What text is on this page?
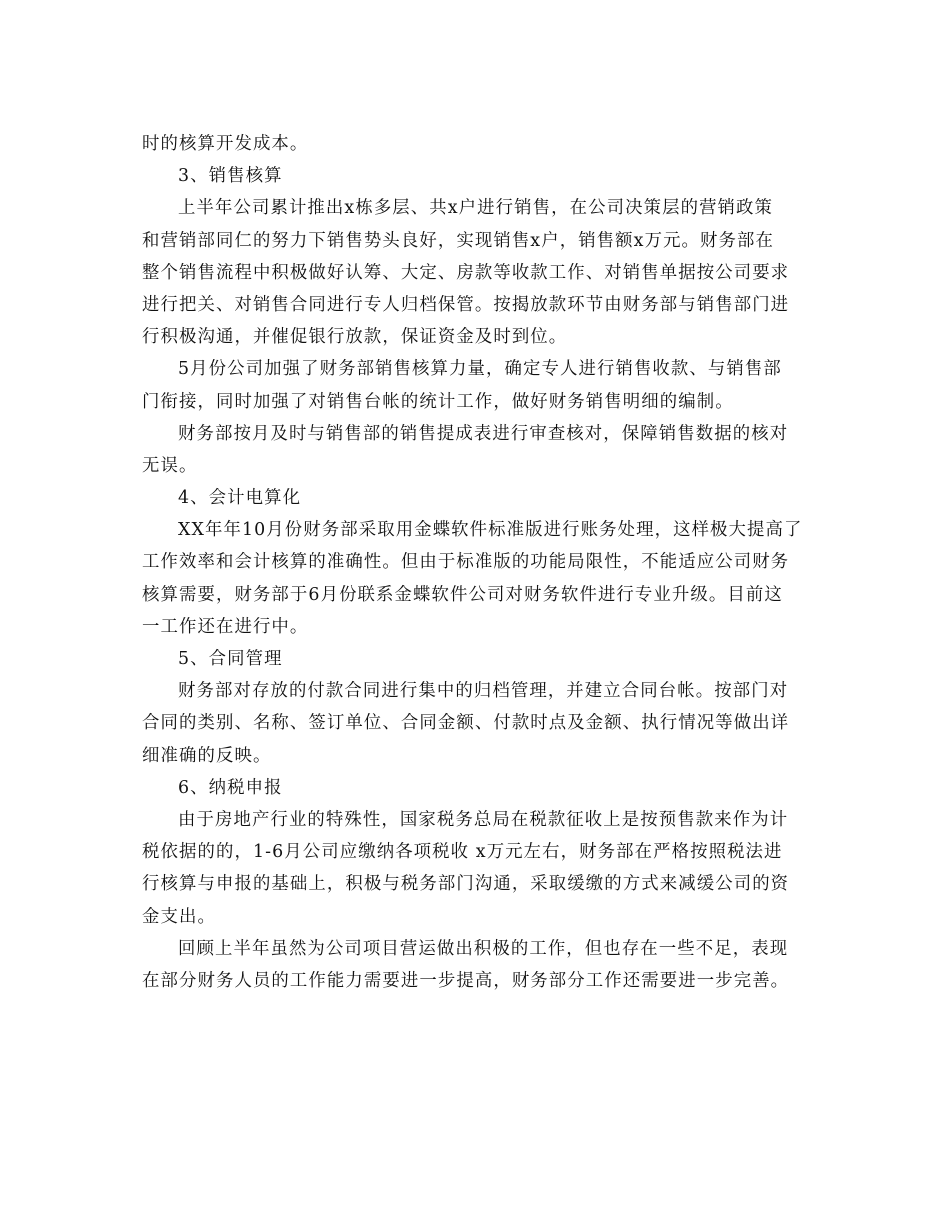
时的核算开发成本。
3、销售核算
上半年公司累计推出x栋多层、共x户进行销售，在公司决策层的营销政策
和营销部同仁的努力下销售势头良好，实现销售x户，销售额x万元。财务部在
整个销售流程中积极做好认筹、大定、房款等收款工作、对销售单据按公司要求
进行把关、对销售合同进行专人归档保管。按揭放款环节由财务部与销售部门进
行积极沟通，并催促银行放款，保证资金及时到位。
5月份公司加强了财务部销售核算力量，确定专人进行销售收款、与销售部
门衔接，同时加强了对销售台帐的统计工作，做好财务销售明细的编制。
财务部按月及时与销售部的销售提成表进行审查核对，保障销售数据的核对
无误。
4、会计电算化
XX年年10月份财务部采取用金蝶软件标准版进行账务处理，这样极大提高了
工作效率和会计核算的准确性。但由于标准版的功能局限性，不能适应公司财务
核算需要，财务部于6月份联系金蝶软件公司对财务软件进行专业升级。目前这
一工作还在进行中。
5、合同管理
财务部对存放的付款合同进行集中的归档管理，并建立合同台帐。按部门对
合同的类别、名称、签订单位、合同金额、付款时点及金额、执行情况等做出详
细准确的反映。
6、纳税申报
由于房地产行业的特殊性，国家税务总局在税款征收上是按预售款来作为计
税依据的的，1-6月公司应缴纳各项税收 x万元左右，财务部在严格按照税法进
行核算与申报的基础上，积极与税务部门沟通，采取缓缴的方式来减缓公司的资
金支出。
回顾上半年虽然为公司项目营运做出积极的工作，但也存在一些不足，表现
在部分财务人员的工作能力需要进一步提高，财务部分工作还需要进一步完善。
